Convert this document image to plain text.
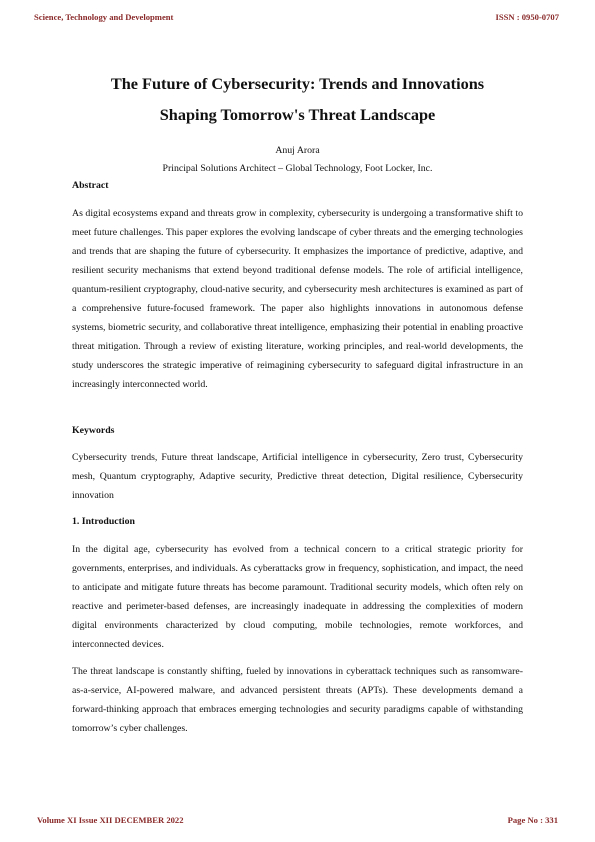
Science, Technology and Development	ISSN : 0950-0707
The Future of Cybersecurity: Trends and Innovations
Shaping Tomorrow's Threat Landscape
Anuj Arora
Principal Solutions Architect – Global Technology, Foot Locker, Inc.
Abstract

As digital ecosystems expand and threats grow in complexity, cybersecurity is undergoing a transformative shift to meet future challenges. This paper explores the evolving landscape of cyber threats and the emerging technologies and trends that are shaping the future of cybersecurity. It emphasizes the importance of predictive, adaptive, and resilient security mechanisms that extend beyond traditional defense models. The role of artificial intelligence, quantum-resilient cryptography, cloud-native security, and cybersecurity mesh architectures is examined as part of a comprehensive future-focused framework. The paper also highlights innovations in autonomous defense systems, biometric security, and collaborative threat intelligence, emphasizing their potential in enabling proactive threat mitigation. Through a review of existing literature, working principles, and real-world developments, the study underscores the strategic imperative of reimagining cybersecurity to safeguard digital infrastructure in an increasingly interconnected world.

Keywords

Cybersecurity trends, Future threat landscape, Artificial intelligence in cybersecurity, Zero trust, Cybersecurity mesh, Quantum cryptography, Adaptive security, Predictive threat detection, Digital resilience, Cybersecurity innovation

1. Introduction

In the digital age, cybersecurity has evolved from a technical concern to a critical strategic priority for governments, enterprises, and individuals. As cyberattacks grow in frequency, sophistication, and impact, the need to anticipate and mitigate future threats has become paramount. Traditional security models, which often rely on reactive and perimeter-based defenses, are increasingly inadequate in addressing the complexities of modern digital environments characterized by cloud computing, mobile technologies, remote workforces, and interconnected devices.

The threat landscape is constantly shifting, fueled by innovations in cyberattack techniques such as ransomware-as-a-service, AI-powered malware, and advanced persistent threats (APTs). These developments demand a forward-thinking approach that embraces emerging technologies and security paradigms capable of withstanding tomorrow’s cyber challenges.

Volume XI Issue XII DECEMBER 2022	Page No : 331
